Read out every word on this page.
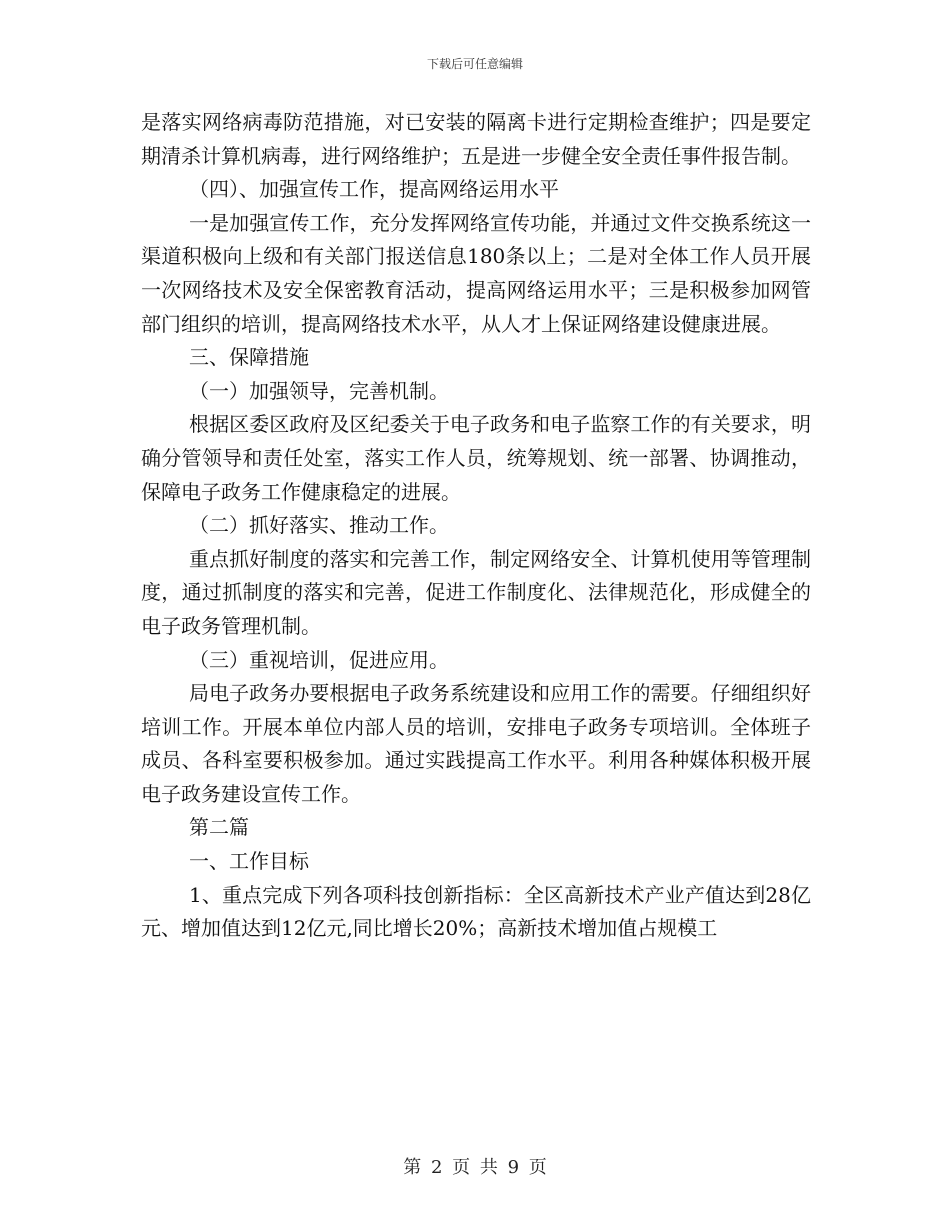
下载后可任意编辑

是落实网络病毒防范措施，对已安装的隔离卡进行定期检查维护；四是要定期清杀计算机病毒，进行网络维护；五是进一步健全安全责任事件报告制。

（四）、加强宣传工作，提高网络运用水平

一是加强宣传工作，充分发挥网络宣传功能，并通过文件交换系统这一渠道积极向上级和有关部门报送信息180条以上；二是对全体工作人员开展一次网络技术及安全保密教育活动，提高网络运用水平；三是积极参加网管部门组织的培训，提高网络技术水平，从人才上保证网络建设健康进展。

三、保障措施

（一）加强领导，完善机制。

根据区委区政府及区纪委关于电子政务和电子监察工作的有关要求，明确分管领导和责任处室，落实工作人员，统筹规划、统一部署、协调推动，保障电子政务工作健康稳定的进展。

（二）抓好落实、推动工作。

重点抓好制度的落实和完善工作，制定网络安全、计算机使用等管理制度，通过抓制度的落实和完善，促进工作制度化、法律规范化，形成健全的电子政务管理机制。

（三）重视培训，促进应用。

局电子政务办要根据电子政务系统建设和应用工作的需要。仔细组织好培训工作。开展本单位内部人员的培训，安排电子政务专项培训。全体班子成员、各科室要积极参加。通过实践提高工作水平。利用各种媒体积极开展电子政务建设宣传工作。

第二篇

一、工作目标

1、重点完成下列各项科技创新指标：全区高新技术产业产值达到28亿元、增加值达到12亿元,同比增长20%；高新技术增加值占规模工

第 2 页 共 9 页
